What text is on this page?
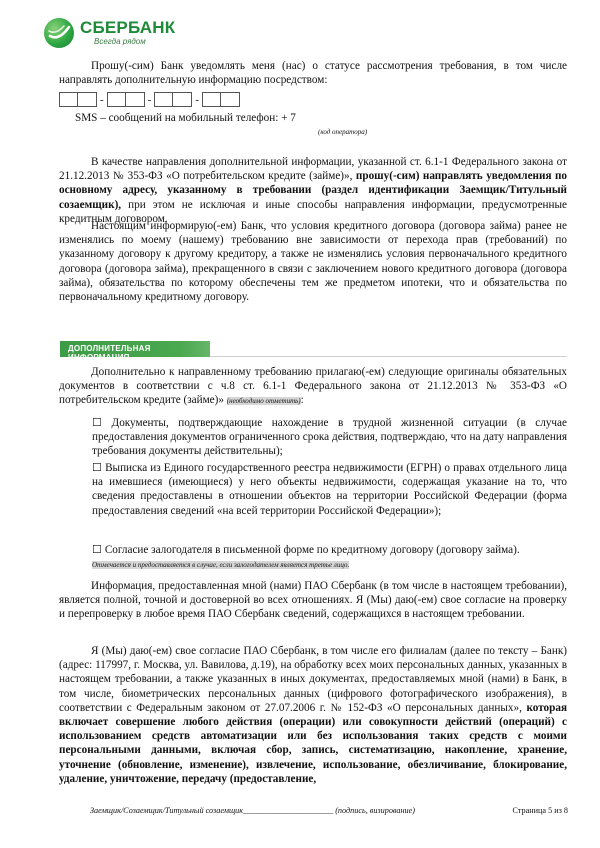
СБЕРБАНК
Всегда рядом
Прошу(-сим) Банк уведомлять меня (нас) о статусе рассмотрения требования, в том числе направлять дополнительную информацию посредством:
-	-	-
SMS – сообщений на мобильный телефон: + 7
(код оператора)
В качестве направления дополнительной информации, указанной ст. 6.1-1 Федерального закона от 21.12.2013 № 353-ФЗ «О потребительском кредите (займе)», прошу(-сим) направлять уведомления по основному адресу, указанному в требовании (раздел идентификации Заемщик/Титульный созаемщик), при этом не исключая и иные способы направления информации, предусмотренные кредитным договором.
Настоящим информирую(-ем) Банк, что условия кредитного договора (договора займа) ранее не изменялись по моему (нашему) требованию вне зависимости от перехода прав (требований) по указанному договору к другому кредитору, а также не изменялись условия первоначального кредитного договора (договора займа), прекращенного в связи с заключением нового кредитного договора (договора займа), обязательства по которому обеспечены тем же предметом ипотеки, что и обязательства по первоначальному кредитному договору.
ДОПОЛНИТЕЛЬНАЯ ИНФОРМАЦИЯ
Дополнительно к направленному требованию прилагаю(-ем) следующие оригиналы обязательных документов в соответствии с ч.8 ст. 6.1-1 Федерального закона от 21.12.2013 № 353-ФЗ «О потребительском кредите (займе)» (необходимо отметить):
☐ Документы, подтверждающие нахождение в трудной жизненной ситуации (в случае предоставления документов ограниченного срока действия, подтверждаю, что на дату направления требования документы действительны);
☐ Выписка из Единого государственного реестра недвижимости (ЕГРН) о правах отдельного лица на имевшиеся (имеющиеся) у него объекты недвижимости, содержащая указание на то, что сведения предоставлены в отношении объектов на территории Российской Федерации (форма предоставления сведений «на всей территории Российской Федерации»);
☐ Согласие залогодателя в письменной форме по кредитному договору (договору займа).
Отмечается и предоставляется в случае, если залогодателем является третье лицо.
Информация, предоставленная мной (нами) ПАО Сбербанк (в том числе в настоящем требовании), является полной, точной и достоверной во всех отношениях. Я (Мы) даю(-ем) свое согласие на проверку и перепроверку в любое время ПАО Сбербанк сведений, содержащихся в настоящем требовании.
Я (Мы) даю(-ем) свое согласие ПАО Сбербанк, в том числе его филиалам (далее по тексту – Банк) (адрес: 117997, г. Москва, ул. Вавилова, д.19), на обработку всех моих персональных данных, указанных в настоящем требовании, а также указанных в иных документах, предоставляемых мной (нами) в Банк, в том числе, биометрических персональных данных (цифрового фотографического изображения), в соответствии с Федеральным законом от 27.07.2006 г. № 152-ФЗ «О персональных данных», которая включает совершение любого действия (операции) или совокупности действий (операций) с использованием средств автоматизации или без использования таких средств с моими персональными данными, включая сбор, запись, систематизацию, накопление, хранение, уточнение (обновление, изменение), извлечение, использование, обезличивание, блокирование, удаление, уничтожение, передачу (предоставление,
Заемщик/Созаемщик/Титульный созаемщик______________________ (подпись, визирование)	Страница 5 из 8
